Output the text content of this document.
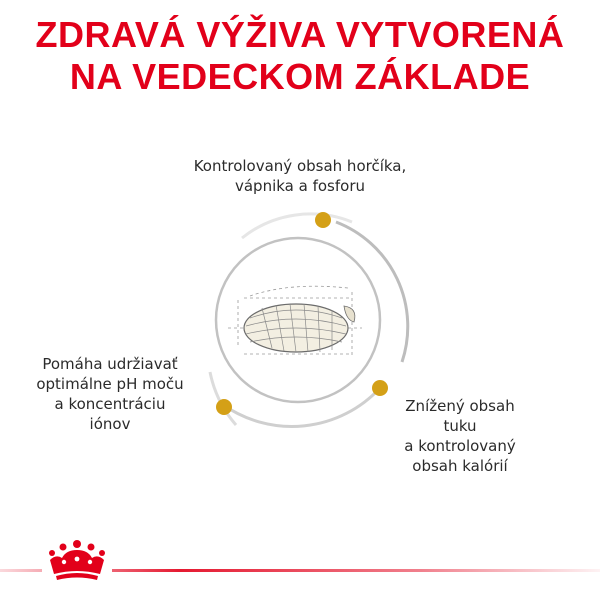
ZDRAVÁ VÝŽIVA VYTVORENÁ
NA VEDECKOM ZÁKLADE
Kontrolovaný obsah horčíka,
vápnika a fosforu
Pomáha udržiavať
optimálne pH moču
a koncentráciu
iónov
Znížený obsah
tuku
a kontrolovaný
obsah kalórií
